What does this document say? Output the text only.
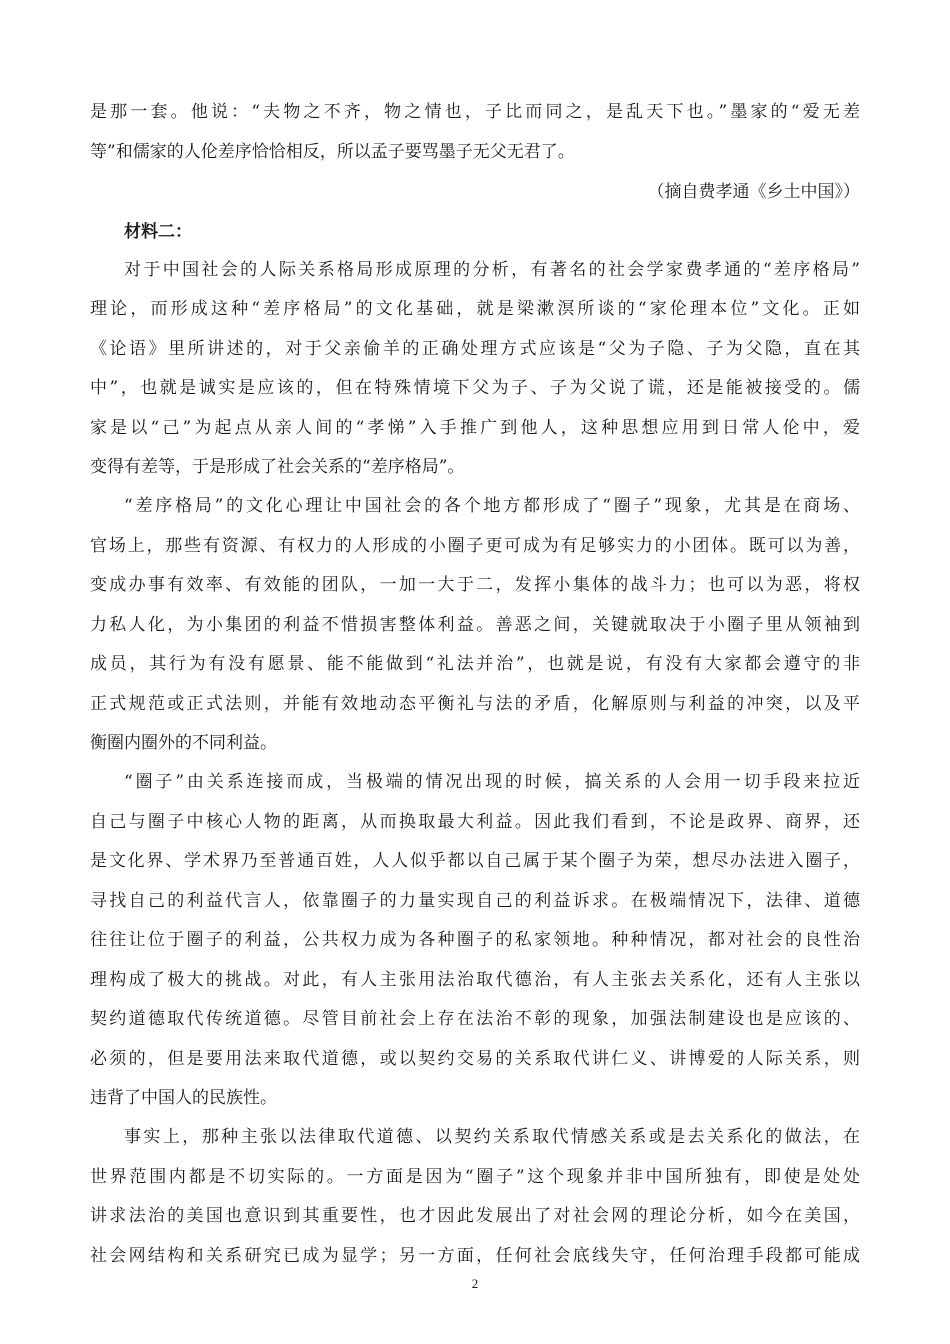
是那一套。他说：“夫物之不齐，物之情也，子比而同之，是乱天下也。”墨家的“爱无差
等”和儒家的人伦差序恰恰相反，所以孟子要骂墨子无父无君了。
（摘自费孝通《乡土中国》）
材料二：
对于中国社会的人际关系格局形成原理的分析，有著名的社会学家费孝通的“差序格局”
理论，而形成这种“差序格局”的文化基础，就是梁漱溟所谈的“家伦理本位”文化。正如
《论语》里所讲述的，对于父亲偷羊的正确处理方式应该是“父为子隐、子为父隐，直在其
中”，也就是诚实是应该的，但在特殊情境下父为子、子为父说了谎，还是能被接受的。儒
家是以“己”为起点从亲人间的“孝悌”入手推广到他人，这种思想应用到日常人伦中，爱
变得有差等，于是形成了社会关系的“差序格局”。
“差序格局”的文化心理让中国社会的各个地方都形成了“圈子”现象，尤其是在商场、
官场上，那些有资源、有权力的人形成的小圈子更可成为有足够实力的小团体。既可以为善，
变成办事有效率、有效能的团队，一加一大于二，发挥小集体的战斗力；也可以为恶，将权
力私人化，为小集团的利益不惜损害整体利益。善恶之间，关键就取决于小圈子里从领袖到
成员，其行为有没有愿景、能不能做到“礼法并治”，也就是说，有没有大家都会遵守的非
正式规范或正式法则，并能有效地动态平衡礼与法的矛盾，化解原则与利益的冲突，以及平
衡圈内圈外的不同利益。
“圈子”由关系连接而成，当极端的情况出现的时候，搞关系的人会用一切手段来拉近
自己与圈子中核心人物的距离，从而换取最大利益。因此我们看到，不论是政界、商界，还
是文化界、学术界乃至普通百姓，人人似乎都以自己属于某个圈子为荣，想尽办法进入圈子，
寻找自己的利益代言人，依靠圈子的力量实现自己的利益诉求。在极端情况下，法律、道德
往往让位于圈子的利益，公共权力成为各种圈子的私家领地。种种情况，都对社会的良性治
理构成了极大的挑战。对此，有人主张用法治取代德治，有人主张去关系化，还有人主张以
契约道德取代传统道德。尽管目前社会上存在法治不彰的现象，加强法制建设也是应该的、
必须的，但是要用法来取代道德，或以契约交易的关系取代讲仁义、讲博爱的人际关系，则
违背了中国人的民族性。
事实上，那种主张以法律取代道德、以契约关系取代情感关系或是去关系化的做法，在
世界范围内都是不切实际的。一方面是因为“圈子”这个现象并非中国所独有，即使是处处
讲求法治的美国也意识到其重要性，也才因此发展出了对社会网的理论分析，如今在美国，
社会网结构和关系研究已成为显学；另一方面，任何社会底线失守，任何治理手段都可能成
2
